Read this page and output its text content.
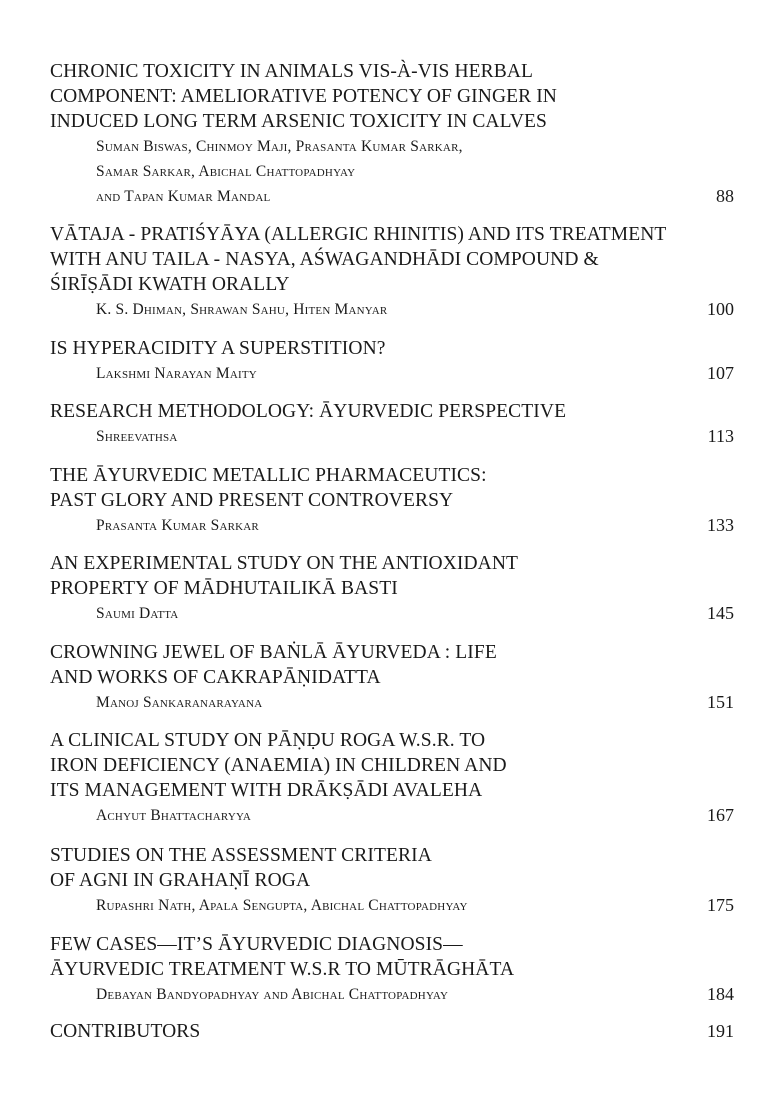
CHRONIC TOXICITY IN ANIMALS VIS-À-VIS HERBAL
COMPONENT: AMELIORATIVE POTENCY OF GINGER IN
INDUCED LONG TERM ARSENIC TOXICITY IN CALVES
Suman Biswas, Chinmoy Maji, Prasanta Kumar Sarkar,
Samar Sarkar, Abichal Chattopadhyay
and Tapan Kumar Mandal	88
VĀTAJA - PRATIŚYĀYA (ALLERGIC RHINITIS) AND ITS TREATMENT
WITH ANU TAILA - NASYA, AŚWAGANDHĀDI COMPOUND &
ŚIRĪṢĀDI KWATH ORALLY
K. S. Dhiman, Shrawan Sahu, Hiten Manyar	100
IS HYPERACIDITY A SUPERSTITION?
Lakshmi Narayan Maity	107
RESEARCH METHODOLOGY: ĀYURVEDIC PERSPECTIVE
Shreevathsa	113
THE ĀYURVEDIC METALLIC PHARMACEUTICS:
PAST GLORY AND PRESENT CONTROVERSY
Prasanta Kumar Sarkar	133
AN EXPERIMENTAL STUDY ON THE ANTIOXIDANT
PROPERTY OF MĀDHUTAILIKĀ BASTI
Saumi Datta	145
CROWNING JEWEL OF BAṄLĀ ĀYURVEDA : LIFE
AND WORKS OF CAKRAPĀṆIDATTA
Manoj Sankaranarayana	151
A CLINICAL STUDY ON PĀṆḌU ROGA W.S.R. TO
IRON DEFICIENCY (ANAEMIA) IN CHILDREN AND
ITS MANAGEMENT WITH DRĀKṢĀDI AVALEHA
Achyut Bhattacharyya	167
STUDIES ON THE ASSESSMENT CRITERIA
OF AGNI IN GRAHAṆĪ ROGA
Rupashri Nath, Apala Sengupta, Abichal Chattopadhyay	175
FEW CASES—IT’S ĀYURVEDIC DIAGNOSIS—
ĀYURVEDIC TREATMENT W.S.R TO MŪTRĀGHĀTA
Debayan Bandyopadhyay and Abichal Chattopadhyay	184
CONTRIBUTORS	191
